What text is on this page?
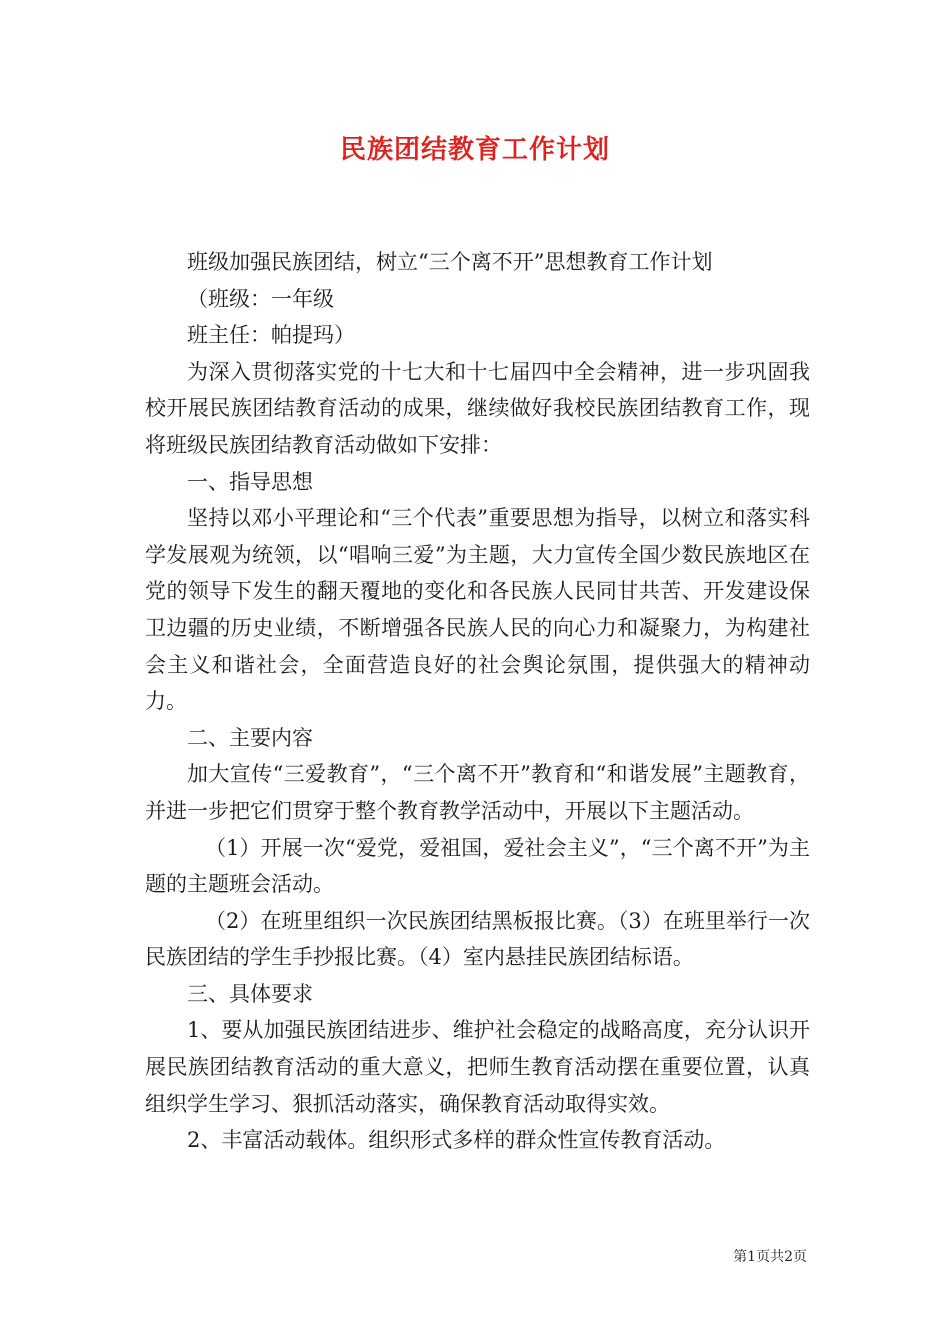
民族团结教育工作计划

班级加强民族团结，树立“三个离不开”思想教育工作计划

（班级：一年级

班主任：帕提玛）

为深入贯彻落实党的十七大和十七届四中全会精神，进一步巩固我校开展民族团结教育活动的成果，继续做好我校民族团结教育工作，现将班级民族团结教育活动做如下安排：

一、指导思想

坚持以邓小平理论和“三个代表”重要思想为指导，以树立和落实科学发展观为统领，以“唱响三爱”为主题，大力宣传全国少数民族地区在党的领导下发生的翻天覆地的变化和各民族人民同甘共苦、开发建设保卫边疆的历史业绩，不断增强各民族人民的向心力和凝聚力，为构建社会主义和谐社会，全面营造良好的社会舆论氛围，提供强大的精神动力。

二、主要内容

加大宣传“三爱教育”，“三个离不开”教育和“和谐发展”主题教育，并进一步把它们贯穿于整个教育教学活动中，开展以下主题活动。

（1）开展一次“爱党，爱祖国，爱社会主义”，“三个离不开”为主题的主题班会活动。

（2）在班里组织一次民族团结黑板报比赛。（3）在班里举行一次民族团结的学生手抄报比赛。（4）室内悬挂民族团结标语。

三、具体要求

1、要从加强民族团结进步、维护社会稳定的战略高度，充分认识开展民族团结教育活动的重大意义，把师生教育活动摆在重要位置，认真组织学生学习、狠抓活动落实，确保教育活动取得实效。

2、丰富活动载体。组织形式多样的群众性宣传教育活动。

第1页共2页
